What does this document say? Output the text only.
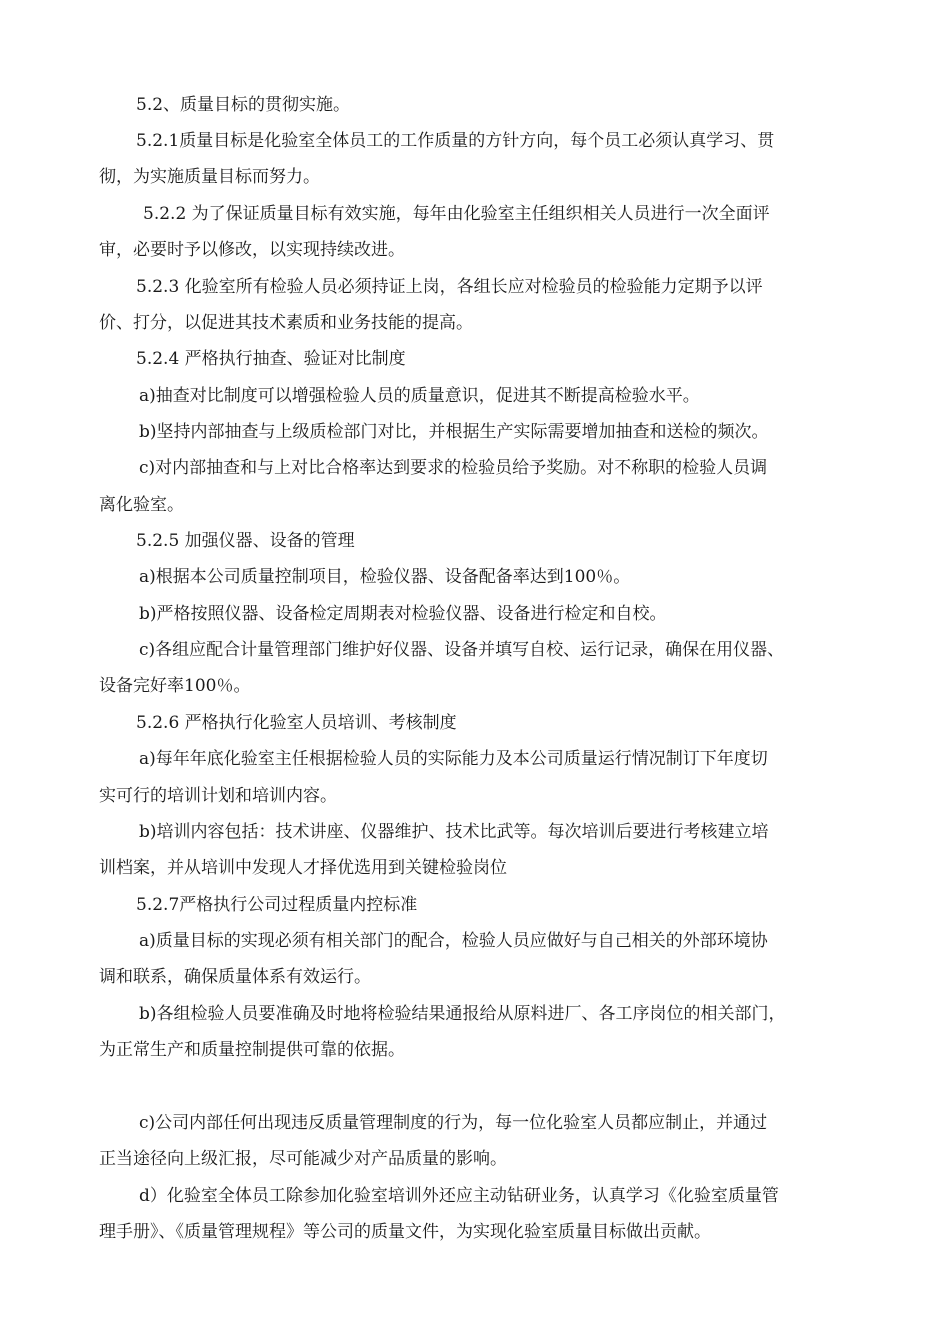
5.2、质量目标的贯彻实施。
5.2.1质量目标是化验室全体员工的工作质量的方针方向，每个员工必须认真学习、贯
彻，为实施质量目标而努力。
5.2.2 为了保证质量目标有效实施，每年由化验室主任组织相关人员进行一次全面评
审，必要时予以修改，以实现持续改进。
5.2.3 化验室所有检验人员必须持证上岗，各组长应对检验员的检验能力定期予以评
价、打分，以促进其技术素质和业务技能的提高。
5.2.4 严格执行抽查、验证对比制度
a)抽查对比制度可以增强检验人员的质量意识，促进其不断提高检验水平。
b)坚持内部抽查与上级质检部门对比，并根据生产实际需要增加抽查和送检的频次。
c)对内部抽查和与上对比合格率达到要求的检验员给予奖励。对不称职的检验人员调
离化验室。
5.2.5 加强仪器、设备的管理
a)根据本公司质量控制项目，检验仪器、设备配备率达到100％。
b)严格按照仪器、设备检定周期表对检验仪器、设备进行检定和自校。
c)各组应配合计量管理部门维护好仪器、设备并填写自校、运行记录，确保在用仪器、
设备完好率100％。
5.2.6 严格执行化验室人员培训、考核制度
a)每年年底化验室主任根据检验人员的实际能力及本公司质量运行情况制订下年度切
实可行的培训计划和培训内容。
b)培训内容包括：技术讲座、仪器维护、技术比武等。每次培训后要进行考核建立培
训档案，并从培训中发现人才择优选用到关键检验岗位
5.2.7严格执行公司过程质量内控标准
a)质量目标的实现必须有相关部门的配合，检验人员应做好与自己相关的外部环境协
调和联系，确保质量体系有效运行。
b)各组检验人员要准确及时地将检验结果通报给从原料进厂、各工序岗位的相关部门，
为正常生产和质量控制提供可靠的依据。
c)公司内部任何出现违反质量管理制度的行为，每一位化验室人员都应制止，并通过
正当途径向上级汇报，尽可能减少对产品质量的影响。
d）化验室全体员工除参加化验室培训外还应主动钻研业务，认真学习《化验室质量管
理手册》、《质量管理规程》等公司的质量文件，为实现化验室质量目标做出贡献。
